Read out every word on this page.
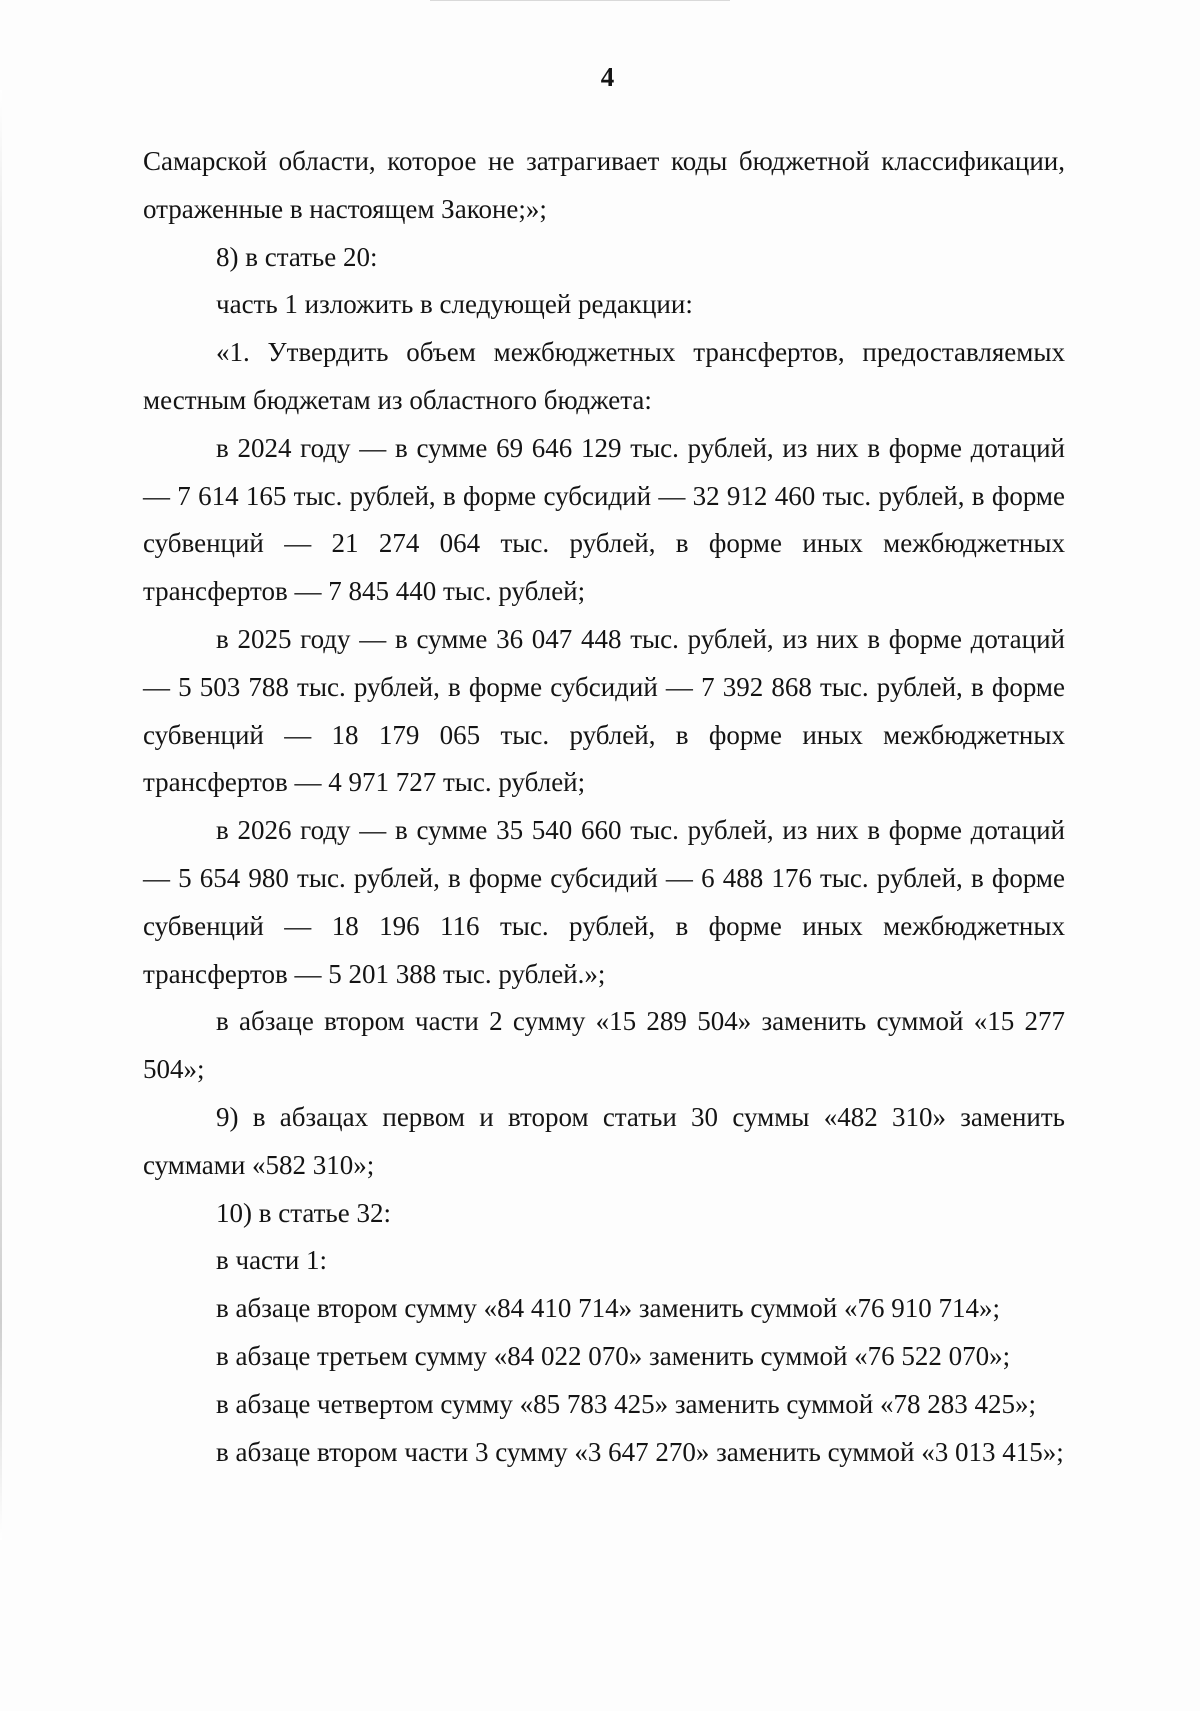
4

Самарской области, которое не затрагивает коды бюджетной классификации, отраженные в настоящем Законе;»;

8) в статье 20:

часть 1 изложить в следующей редакции:

«1. Утвердить объем межбюджетных трансфертов, предоставляемых местным бюджетам из областного бюджета:

в 2024 году — в сумме 69 646 129 тыс. рублей, из них в форме дотаций — 7 614 165 тыс. рублей, в форме субсидий — 32 912 460 тыс. рублей, в форме субвенций — 21 274 064 тыс. рублей, в форме иных межбюджетных трансфертов — 7 845 440 тыс. рублей;

в 2025 году — в сумме 36 047 448 тыс. рублей, из них в форме дотаций — 5 503 788 тыс. рублей, в форме субсидий — 7 392 868 тыс. рублей, в форме субвенций — 18 179 065 тыс. рублей, в форме иных межбюджетных трансфертов — 4 971 727 тыс. рублей;

в 2026 году — в сумме 35 540 660 тыс. рублей, из них в форме дотаций — 5 654 980 тыс. рублей, в форме субсидий — 6 488 176 тыс. рублей, в форме субвенций — 18 196 116 тыс. рублей, в форме иных межбюджетных трансфертов — 5 201 388 тыс. рублей.»;

в абзаце втором части 2 сумму «15 289 504» заменить суммой «15 277 504»;

9) в абзацах первом и втором статьи 30 суммы «482 310» заменить суммами «582 310»;

10) в статье 32:

в части 1:

в абзаце втором сумму «84 410 714» заменить суммой «76 910 714»;

в абзаце третьем сумму «84 022 070» заменить суммой «76 522 070»;

в абзаце четвертом сумму «85 783 425» заменить суммой «78 283 425»;

в абзаце втором части 3 сумму «3 647 270» заменить суммой «3 013 415»;
